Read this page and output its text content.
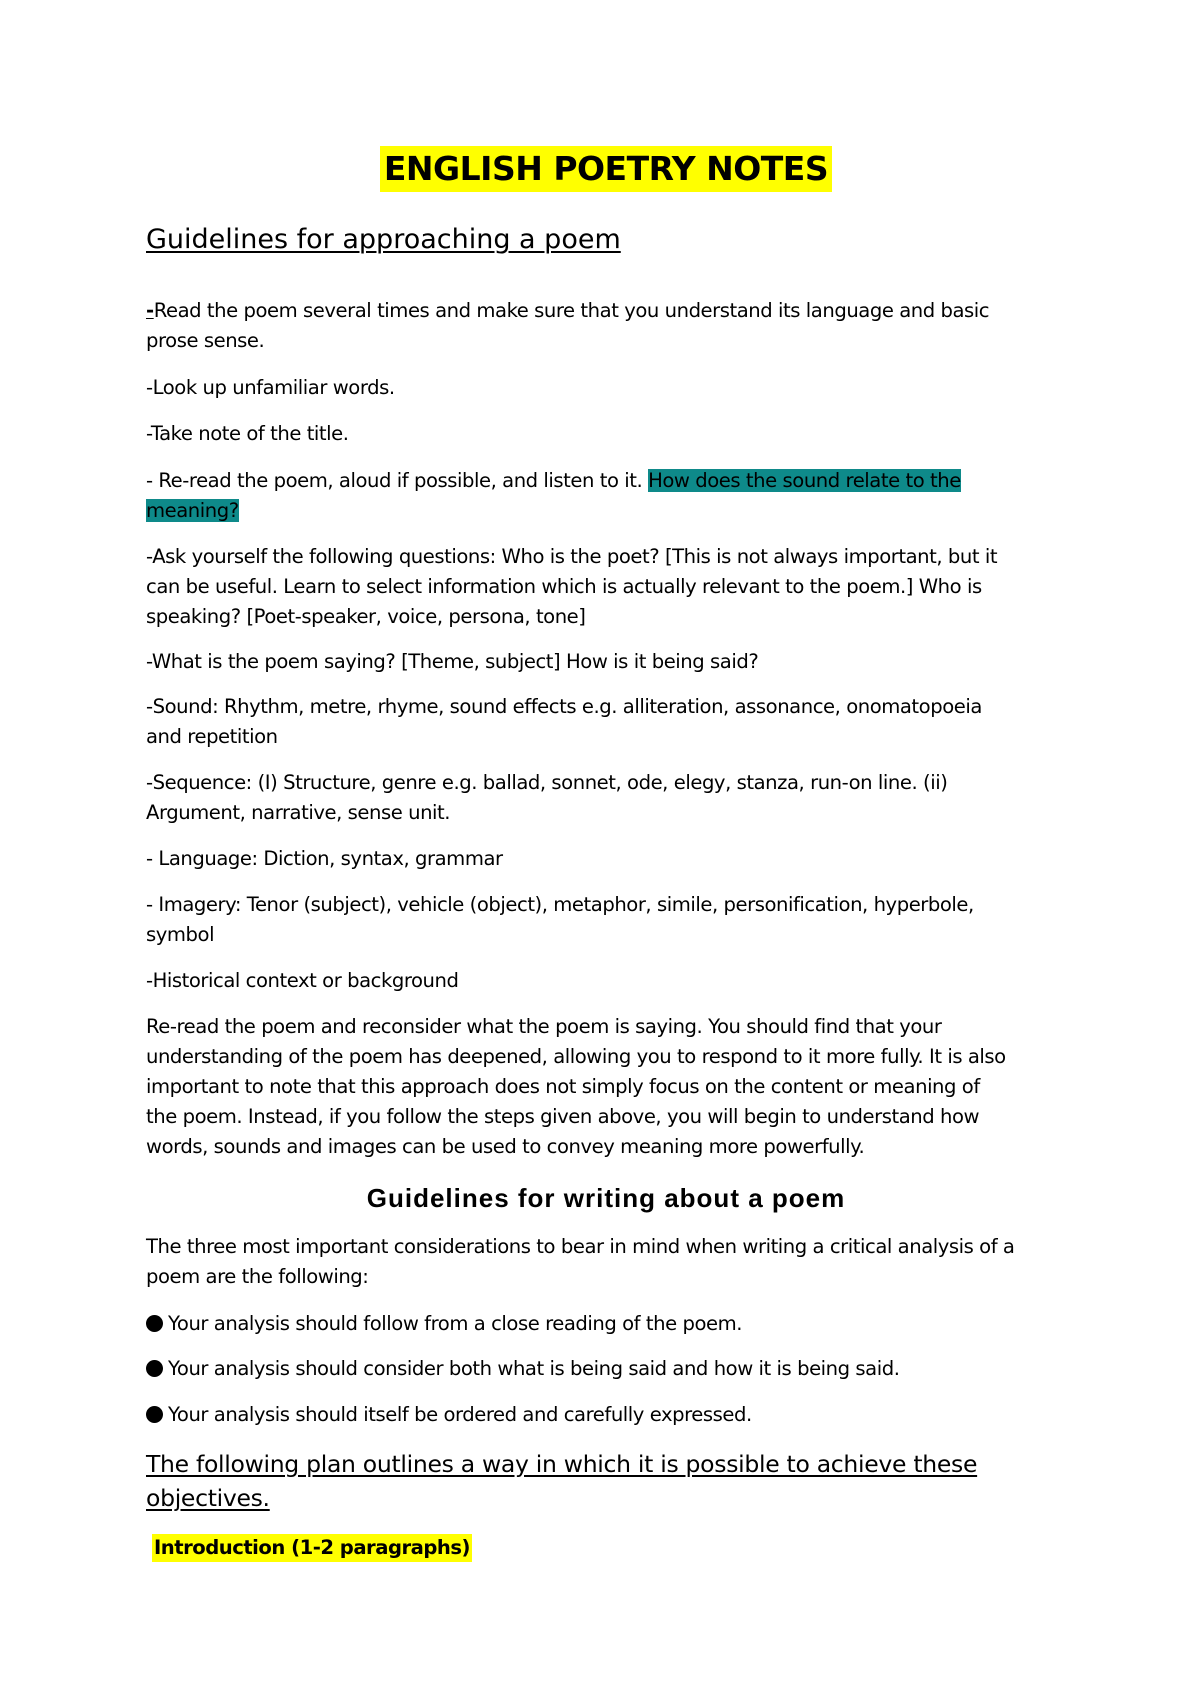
ENGLISH POETRY NOTES
Guidelines for approaching a poem
-Read the poem several times and make sure that you understand its language and basic
prose sense.
-Look up unfamiliar words.
-Take note of the title.
- Re-read the poem, aloud if possible, and listen to it. How does the sound relate to the
meaning?
-Ask yourself the following questions: Who is the poet? [This is not always important, but it
can be useful. Learn to select information which is actually relevant to the poem.] Who is
speaking? [Poet-speaker, voice, persona, tone]
-What is the poem saying? [Theme, subject] How is it being said?
-Sound: Rhythm, metre, rhyme, sound effects e.g. alliteration, assonance, onomatopoeia
and repetition
-Sequence: (I) Structure, genre e.g. ballad, sonnet, ode, elegy, stanza, run-on line. (ii)
Argument, narrative, sense unit.
- Language: Diction, syntax, grammar
- Imagery: Tenor (subject), vehicle (object), metaphor, simile, personification, hyperbole,
symbol
-Historical context or background
Re-read the poem and reconsider what the poem is saying. You should find that your
understanding of the poem has deepened, allowing you to respond to it more fully. It is also
important to note that this approach does not simply focus on the content or meaning of
the poem. Instead, if you follow the steps given above, you will begin to understand how
words, sounds and images can be used to convey meaning more powerfully.
Guidelines for writing about a poem
The three most important considerations to bear in mind when writing a critical analysis of a
poem are the following:
Your analysis should follow from a close reading of the poem.
Your analysis should consider both what is being said and how it is being said.
Your analysis should itself be ordered and carefully expressed.
The following plan outlines a way in which it is possible to achieve these
objectives.
Introduction (1-2 paragraphs)
